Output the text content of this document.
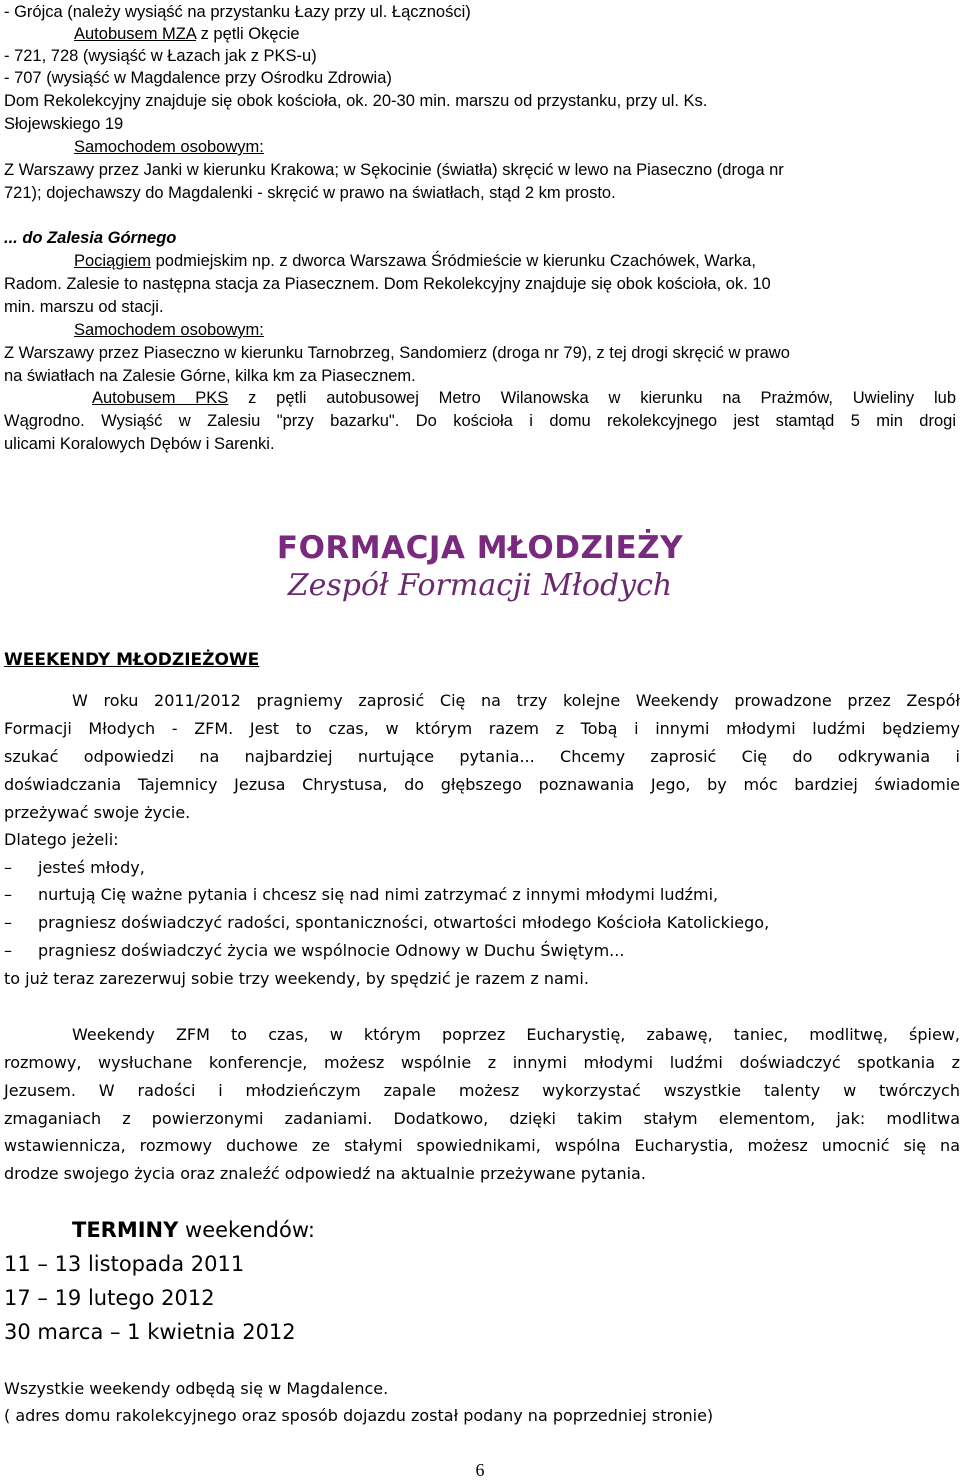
- Grójca (należy wysiąść na przystanku Łazy przy ul. Łączności)
Autobusem MZA z pętli Okęcie
- 721, 728 (wysiąść w Łazach jak z PKS-u)
- 707 (wysiąść w Magdalence przy Ośrodku Zdrowia)
Dom Rekolekcyjny znajduje się obok kościoła, ok. 20-30 min. marszu od przystanku, przy ul. Ks.
Słojewskiego 19
Samochodem osobowym:
Z Warszawy przez Janki w kierunku Krakowa; w Sękocinie (światła) skręcić w lewo na Piaseczno (droga nr
721); dojechawszy do Magdalenki - skręcić w prawo na światłach, stąd 2 km prosto.
... do Zalesia Górnego
Pociągiem podmiejskim np. z dworca Warszawa Śródmieście w kierunku Czachówek, Warka,
Radom. Zalesie to następna stacja za Piasecznem. Dom Rekolekcyjny znajduje się obok kościoła, ok. 10
min. marszu od stacji.
Samochodem osobowym:
Z Warszawy przez Piaseczno w kierunku Tarnobrzeg, Sandomierz (droga nr 79), z tej drogi skręcić w prawo
na światłach na Zalesie Górne, kilka km za Piasecznem.
Autobusem PKS z pętli autobusowej Metro Wilanowska w kierunku na Prażmów, Uwieliny lub
Wągrodno. Wysiąść w Zalesiu "przy bazarku". Do kościoła i domu rekolekcyjnego jest stamtąd 5 min drogi
ulicami Koralowych Dębów i Sarenki.
FORMACJA MŁODZIEŻY
Zespół Formacji Młodych
WEEKENDY MŁODZIEŻOWE
W roku 2011/2012 pragniemy zaprosić Cię na trzy kolejne Weekendy prowadzone przez Zespół
Formacji Młodych - ZFM. Jest to czas, w którym razem z Tobą i innymi młodymi ludźmi będziemy
szukać odpowiedzi na najbardziej nurtujące pytania... Chcemy zaprosić Cię do odkrywania i
doświadczania Tajemnicy Jezusa Chrystusa, do głębszego poznawania Jego, by móc bardziej świadomie
przeżywać swoje życie.
Dlatego jeżeli:
– jesteś młody,
– nurtują Cię ważne pytania i chcesz się nad nimi zatrzymać z innymi młodymi ludźmi,
– pragniesz doświadczyć radości, spontaniczności, otwartości młodego Kościoła Katolickiego,
– pragniesz doświadczyć życia we wspólnocie Odnowy w Duchu Świętym...
to już teraz zarezerwuj sobie trzy weekendy, by spędzić je razem z nami.
Weekendy ZFM to czas, w którym poprzez Eucharystię, zabawę, taniec, modlitwę, śpiew,
rozmowy, wysłuchane konferencje, możesz wspólnie z innymi młodymi ludźmi doświadczyć spotkania z
Jezusem. W radości i młodzieńczym zapale możesz wykorzystać wszystkie talenty w twórczych
zmaganiach z powierzonymi zadaniami. Dodatkowo, dzięki takim stałym elementom, jak: modlitwa
wstawiennicza, rozmowy duchowe ze stałymi spowiednikami, wspólna Eucharystia, możesz umocnić się na
drodze swojego życia oraz znaleźć odpowiedź na aktualnie przeżywane pytania.
TERMINY weekendów:
11 – 13 listopada 2011
17 – 19 lutego 2012
30 marca – 1 kwietnia 2012
Wszystkie weekendy odbędą się w Magdalence.
( adres domu rakolekcyjnego oraz sposób dojazdu został podany na poprzedniej stronie)
6
